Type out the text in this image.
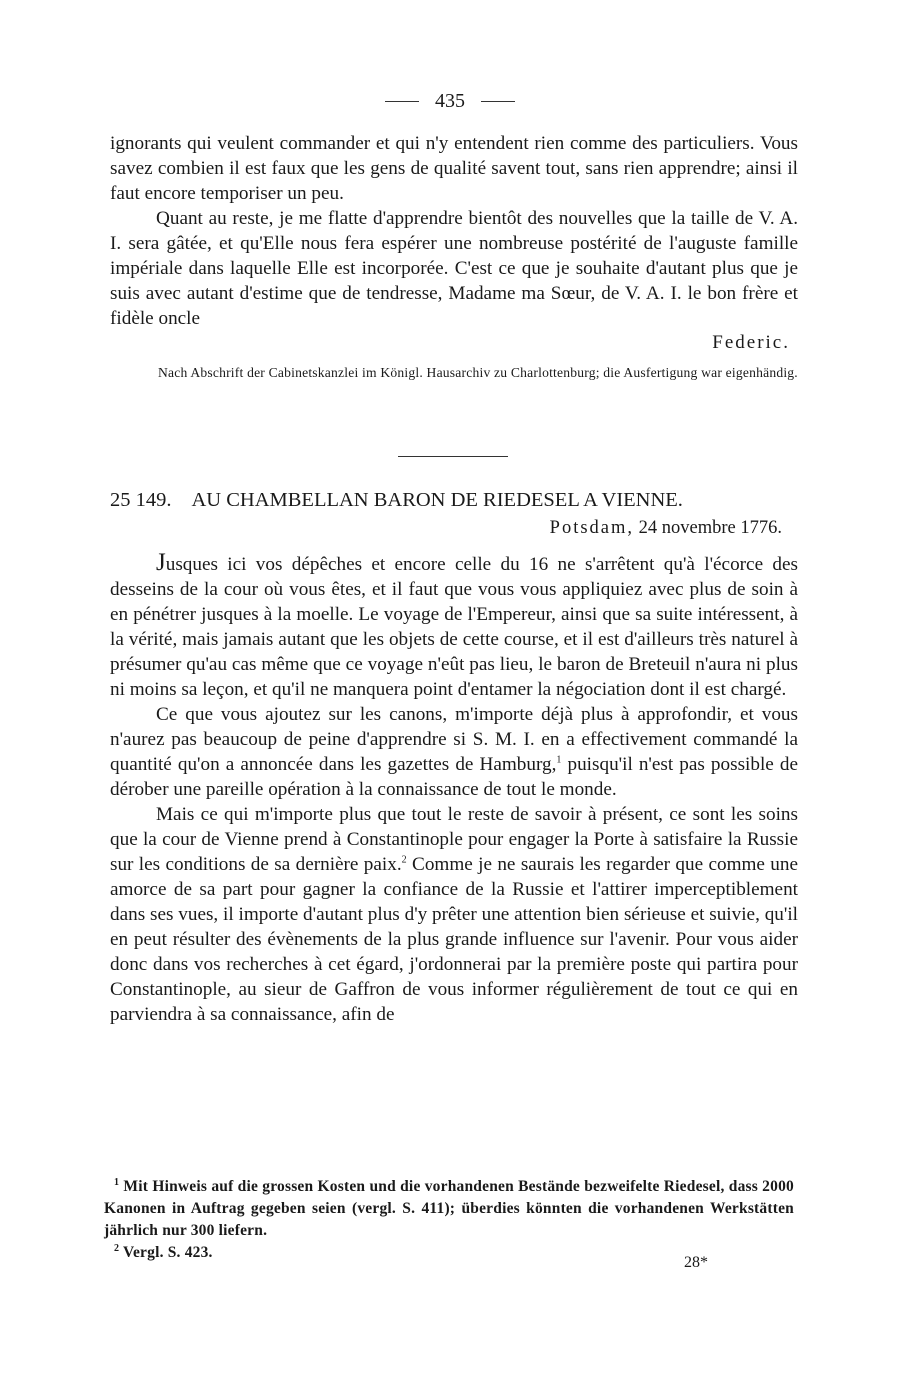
435

ignorants qui veulent commander et qui n'y entendent rien comme des particuliers. Vous savez combien il est faux que les gens de qualité savent tout, sans rien apprendre; ainsi il faut encore temporiser un peu.

Quant au reste, je me flatte d'apprendre bientôt des nouvelles que la taille de V. A. I. sera gâtée, et qu'Elle nous fera espérer une nombreuse postérité de l'auguste famille impériale dans laquelle Elle est incorporée. C'est ce que je souhaite d'autant plus que je suis avec autant d'estime que de tendresse, Madame ma Sœur, de V. A. I. le bon frère et fidèle oncle

Federic.

Nach Abschrift der Cabinetskanzlei im Königl. Hausarchiv zu Charlottenburg; die Ausfertigung war eigenhändig.

25 149. AU CHAMBELLAN BARON DE RIEDESEL A VIENNE.
Potsdam, 24 novembre 1776.

Jusques ici vos dépêches et encore celle du 16 ne s'arrêtent qu'à l'écorce des desseins de la cour où vous êtes, et il faut que vous vous appliquiez avec plus de soin à en pénétrer jusques à la moelle. Le voyage de l'Empereur, ainsi que sa suite intéressent, à la vérité, mais jamais autant que les objets de cette course, et il est d'ailleurs très naturel à présumer qu'au cas même que ce voyage n'eût pas lieu, le baron de Breteuil n'aura ni plus ni moins sa leçon, et qu'il ne manquera point d'entamer la négociation dont il est chargé.

Ce que vous ajoutez sur les canons, m'importe déjà plus à approfondir, et vous n'aurez pas beaucoup de peine d'apprendre si S. M. I. en a effectivement commandé la quantité qu'on a annoncée dans les gazettes de Hamburg,$^1$ puisqu'il n'est pas possible de dérober une pareille opération à la connaissance de tout le monde.

Mais ce qui m'importe plus que tout le reste de savoir à présent, ce sont les soins que la cour de Vienne prend à Constantinople pour engager la Porte à satisfaire la Russie sur les conditions de sa dernière paix.$^2$ Comme je ne saurais les regarder que comme une amorce de sa part pour gagner la confiance de la Russie et l'attirer imperceptiblement dans ses vues, il importe d'autant plus d'y prêter une attention bien sérieuse et suivie, qu'il en peut résulter des évènements de la plus grande influence sur l'avenir. Pour vous aider donc dans vos recherches à cet égard, j'ordonnerai par la première poste qui partira pour Constantinople, au sieur de Gaffron de vous informer régulièrement de tout ce qui en parviendra à sa connaissance, afin de

$^1$ Mit Hinweis auf die grossen Kosten und die vorhandenen Bestände bezweifelte Riedesel, dass 2000 Kanonen in Auftrag gegeben seien (vergl. S. 411); überdies könnten die vorhandenen Werkstätten jährlich nur 300 liefern.

$^2$ Vergl. S. 423.

28*
